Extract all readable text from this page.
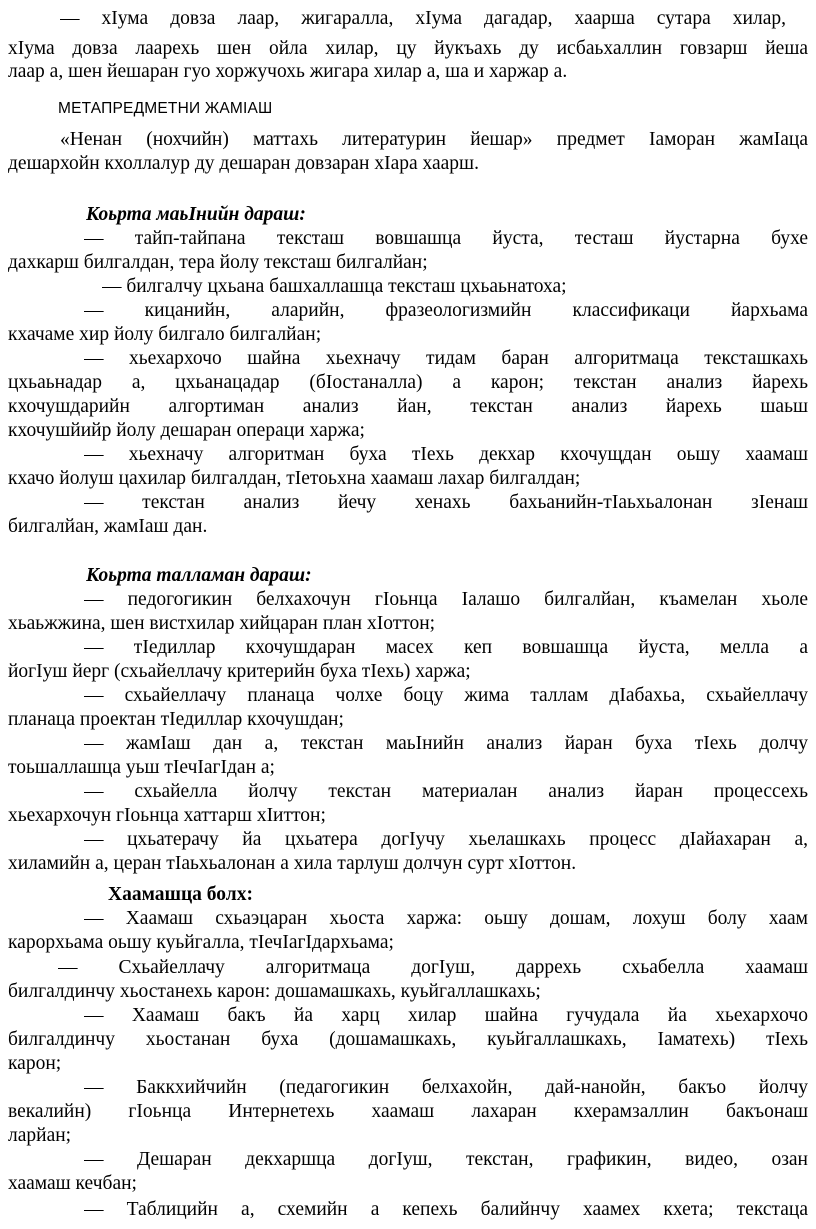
— хӀума довза лаар, жигаралла, хӀума дагадар, хаарша сутара хилар,
хӀума довза лаарехь шен ойла хилар, цу йукъахь ду исбаьхаллин говзарш йеша
лаар а, шен йешаран гуо хоржучохь жигара хилар а, ша и харжар а.
МЕТАПРЕДМЕТНИ ЖАМӀАШ
«Ненан (нохчийн) маттахь литературин йешар» предмет Ӏаморан жамӀаца
дешархойн кхоллалур ду дешаран довзаран хӀара хаарш.
Коьрта маьӀнийн дараш:
— тайп-тайпана тексташ вовшашца йуста, тесташ йустарна бухе
дахкарш билгалдан, тера йолу тексташ билгалйан;
— билгалчу цхьана башхаллашца тексташ цхьаьнатоха;
— кицанийн, аларийн, фразеологизмийн классификаци йархьама
кхачаме хир йолу билгало билгалйан;
— хьехархочо шайна хьехначу тидам баран алгоритмаца тексташкахь
цхьаьнадар а, цхьанацадар (бӀостаналла) а карон; текстан анализ йарехь
кхочушдарийн алгортиман анализ йан, текстан анализ йарехь шаьш
кхочушйийр йолу дешаран операци харжа;
— хьехначу алгоритман буха тӀехь декхар кхочущдан оьшу хаамаш
кхачо йолуш цахилар билгалдан, тӀетоьхна хаамаш лахар билгалдан;
— текстан анализ йечу хенахь бахьанийн-тӀаьхьалонан зӀенаш
билгалйан, жамӀаш дан.
Коьрта талламан дараш:
— педогогикин белхахочун гӀоьнца Ӏалашо билгалйан, къамелан хьоле
хьаьжжина, шен вистхилар хийцаран план хӀоттон;
— тӀедиллар кхочушдаран масех кеп вовшашца йуста, мелла а
йогӀуш йерг (схьайеллачу критерийн буха тӀехь) харжа;
— схьайеллачу планаца чолхе боцу жима таллам дӀабахьа, схьайеллачу
планаца проектан тӀедиллар кхочушдан;
— жамӀаш дан а, текстан маьӀнийн анализ йаран буха тӀехь долчу
тоьшаллашца уьш тӀечӀагӀдан а;
— схьайелла йолчу текстан материалан анализ йаран процессехь
хьехархочун гӀоьнца хаттарш хӀиттон;
— цхьатерачу йа цхьатера догӀучу хьелашкахь процесс дӀайахаран а,
хиламийн а, церан тӀаьхьалонан а хила тарлуш долчун сурт хӀоттон.
Хаамашца болх:
— Хаамаш схьаэцаран хьоста харжа: оьшу дошам, лохуш болу хаам
карорхьама оьшу куьйгалла, тӀечӀагӀдархьама;
— Схьайеллачу алгоритмаца догӀуш, даррехь схьабелла хаамаш
билгалдинчу хьостанехь карон: дошамашкахь, куьйгаллашкахь;
— Хаамаш бакъ йа харц хилар шайна гучудала йа хьехархочо
билгалдинчу хьостанан буха (дошамашкахь, куьйгаллашкахь, Ӏаматехь) тӀехь
карон;
— Баккхийчийн (педагогикин белхахойн, дай-нанойн, бакъо йолчу
векалийн) гӀоьнца Интернетехь хаамаш лахаран кхерамзаллин бакъонаш
ларйан;
— Дешаран декхаршца догӀуш, текстан, графикин, видео, озан
хаамаш кечбан;
— Таблицийн а, схемийн а кепехь балийнчу хаамех кхета; текстаца
